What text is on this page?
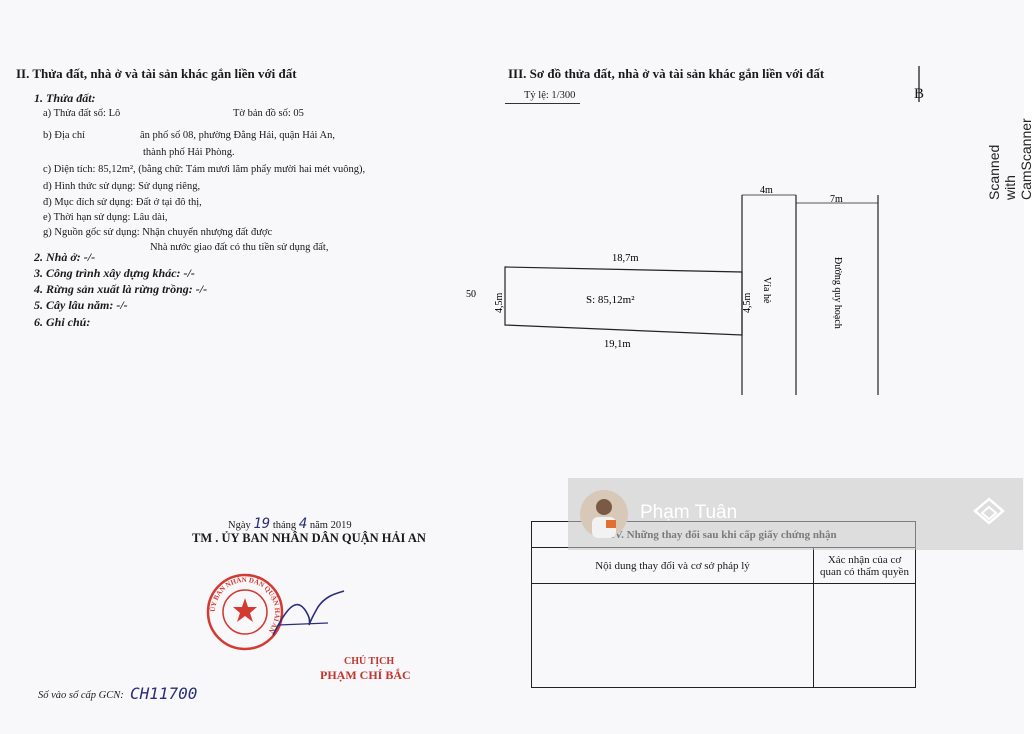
II. Thửa đất, nhà ở và tài sản khác gắn liền với đất
1. Thửa đất:
a) Thửa đất số: Lô	Tờ bản đồ số: 05
b) Địa chỉ	ân phố số 08, phường Đằng Hải, quận Hải An,
thành phố Hải Phòng.
c) Diện tích: 85,12m², (bằng chữ: Tám mươi lăm phẩy mười hai mét vuông),
d) Hình thức sử dụng: Sử dụng riêng,
đ) Mục đích sử dụng: Đất ở tại đô thị,
e) Thời hạn sử dụng: Lâu dài,
g) Nguồn gốc sử dụng: Nhận chuyển nhượng đất được
Nhà nước giao đất có thu tiền sử dụng đất,
2. Nhà ở: -/-
3. Công trình xây dựng khác: -/-
4. Rừng sản xuất là rừng trồng: -/-
5. Cây lâu năm: -/-
6. Ghi chú:
Ngày 19 tháng 4 năm 2019
TM . ỦY BAN NHÂN DÂN QUẬN HẢI AN
ỦY BAN NHÂN DÂN QUẬN HẢI AN
CHỦ TỊCH
PHẠM CHÍ BẮC
Số vào sổ cấp GCN: CH11700
III. Sơ đồ thửa đất, nhà ở và tài sản khác gắn liền với đất
Tỷ lệ: 1/300	B
4m
7m
18,7m
19,1m
S: 85,12m²
4,5m	4,5m Vỉa hè	Đường quy hoạch
50

Nội dung thay đổi và cơ sở pháp lý	Xác nhận của cơ quan có thẩm quyền

Phạm Tuân
Scanned with CamScanner
